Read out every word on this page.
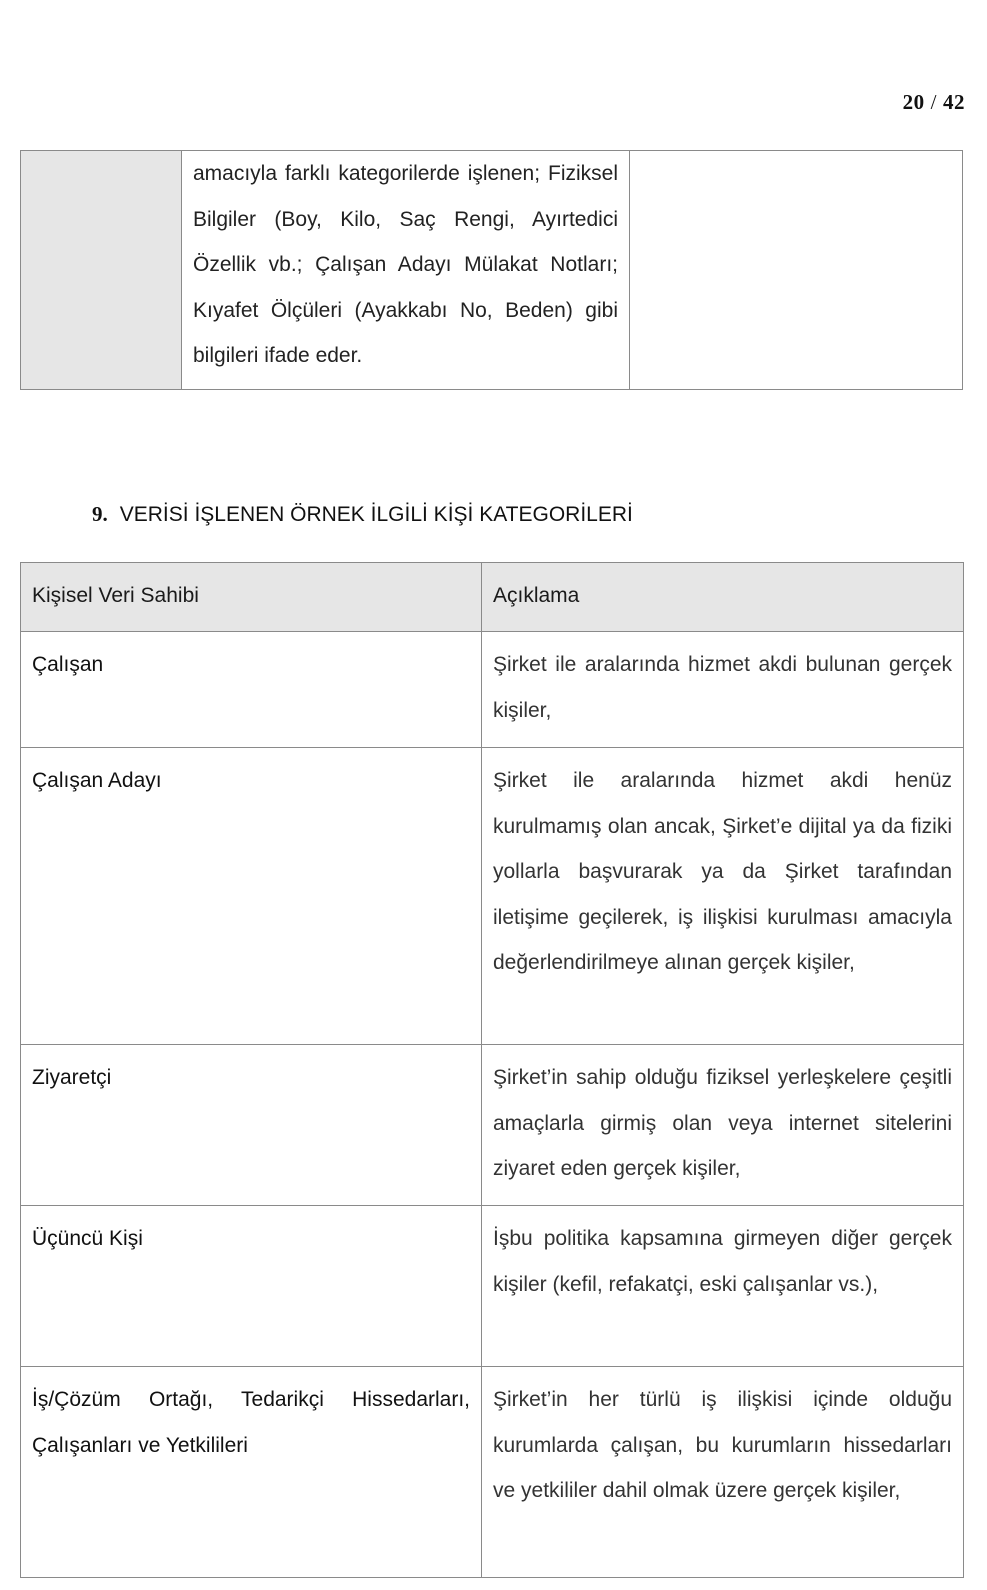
20 / 42

amacıyla farklı kategorilerde işlenen; Fiziksel Bilgiler (Boy, Kilo, Saç Rengi, Ayırtedici Özellik vb.; Çalışan Adayı Mülakat Notları; Kıyafet Ölçüleri (Ayakkabı No, Beden) gibi bilgileri ifade eder.

9. VERİSİ İŞLENEN ÖRNEK İLGİLİ KİŞİ KATEGORİLERİ
Kişisel Veri Sahibi	Açıklama
Çalışan	Şirket ile aralarında hizmet akdi bulunan gerçek kişiler,
Çalışan Adayı	Şirket ile aralarında hizmet akdi henüz kurulmamış olan ancak, Şirket’e dijital ya da fiziki yollarla başvurarak ya da Şirket tarafından iletişime geçilerek, iş ilişkisi kurulması amacıyla değerlendirilmeye alınan gerçek kişiler,
Ziyaretçi	Şirket’in sahip olduğu fiziksel yerleşkelere çeşitli amaçlarla girmiş olan veya internet sitelerini ziyaret eden gerçek kişiler,
Üçüncü Kişi	İşbu politika kapsamına girmeyen diğer gerçek kişiler (kefil, refakatçi, eski çalışanlar vs.),
İş/Çözüm Ortağı, Tedarikçi Hissedarları, Çalışanları ve Yetkilileri	Şirket’in her türlü iş ilişkisi içinde olduğu kurumlarda çalışan, bu kurumların hissedarları ve yetkililer dahil olmak üzere gerçek kişiler,
